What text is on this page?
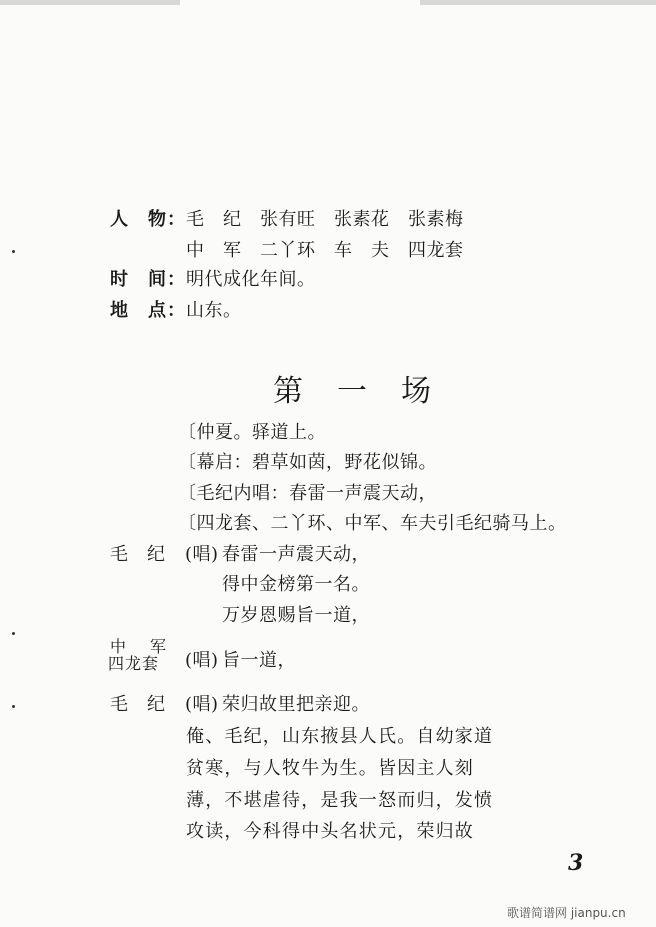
人　物： 毛　纪　张有旺　张素花　张素梅
中　军　二丫环　车　夫　四龙套
时　间： 明代成化年间。
地　点： 山东。
第一场
〔仲夏。驿道上。
〔幕启：碧草如茵，野花似锦。
〔毛纪内唱：春雷一声震天动，
〔四龙套、二丫环、中军、车夫引毛纪骑马上。
毛　纪 (唱) 春雷一声震天动，
得中金榜第一名。
万岁恩赐旨一道，
中　军
四龙套 (唱) 旨一道，
毛　纪 (唱) 荣归故里把亲迎。
俺、毛纪，山东掖县人氏。自幼家道
贫寒，与人牧牛为生。皆因主人刻
薄，不堪虐待，是我一怒而归，发愤
攻读，今科得中头名状元，荣归故
3
歌谱简谱网 jianpu.cn
